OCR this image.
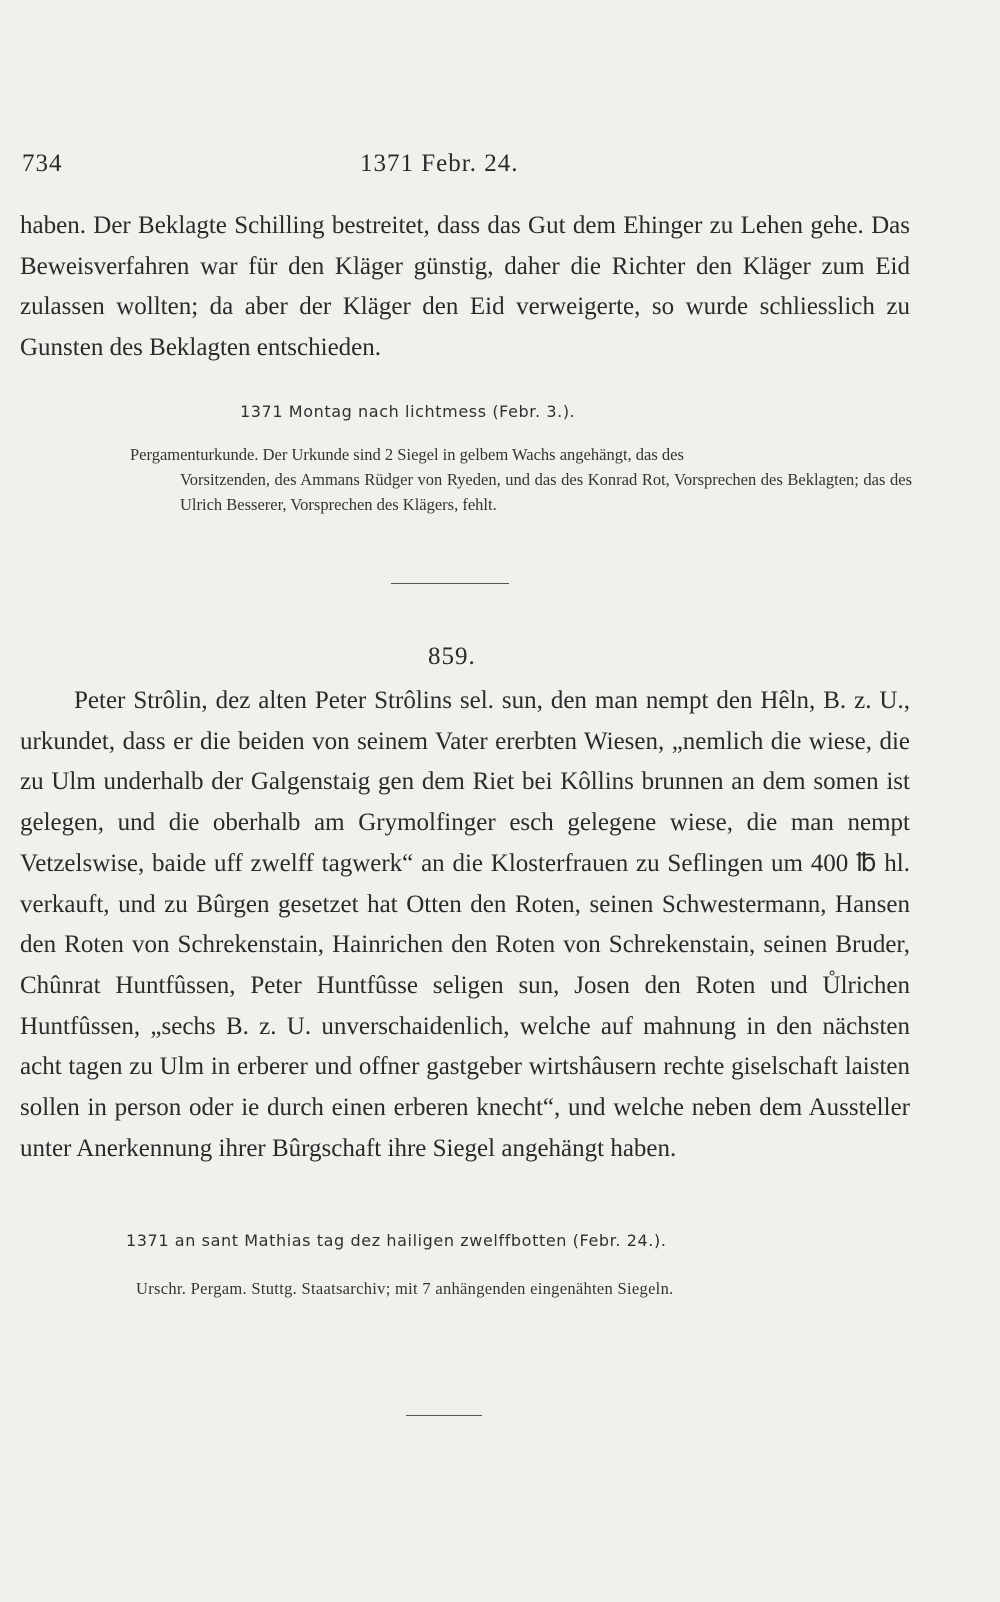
734	1371 Febr. 24.

haben. Der Beklagte Schilling bestreitet, dass das Gut dem Ehinger zu Lehen gehe. Das Beweisverfahren war für den Kläger günstig, daher die Richter den Kläger zum Eid zulassen wollten; da aber der Kläger den Eid verweigerte, so wurde schliesslich zu Gunsten des Beklagten entschieden.

1371 Montag nach lichtmess (Febr. 3.).

Pergamenturkunde. Der Urkunde sind 2 Siegel in gelbem Wachs angehängt, das des
Vorsitzenden, des Ammans Rüdger von Ryeden, und das des Konrad Rot, Vorsprechen des Beklagten; das des Ulrich Besserer, Vorsprechen des Klägers, fehlt.

859.

Peter Strôlin, dez alten Peter Strôlins sel. sun, den man nempt den Hêln, B. z. U., urkundet, dass er die beiden von seinem Vater ererbten Wiesen, „nemlich die wiese, die zu Ulm underhalb der Galgenstaig gen dem Riet bei Kôllins brunnen an dem somen ist gelegen, und die oberhalb am Grymolfinger esch gelegene wiese, die man nempt Vetzelswise, baide uff zwelff tagwerk“ an die Klosterfrauen zu Seflingen um 400 ℔ hl. verkauft, und zu Bûrgen gesetzet hat Otten den Roten, seinen Schwestermann, Hansen den Roten von Schrekenstain, Hainrichen den Roten von Schrekenstain, seinen Bruder, Chûnrat Huntfûssen, Peter Huntfûsse seligen sun, Josen den Roten und Ůlrichen Huntfûssen, „sechs B. z. U. unverschaidenlich, welche auf mahnung in den nächsten acht tagen zu Ulm in erberer und offner gastgeber wirtshâusern rechte giselschaft laisten sollen in person oder ie durch einen erberen knecht“, und welche neben dem Aussteller unter Anerkennung ihrer Bûrgschaft ihre Siegel angehängt haben.

1371 an sant Mathias tag dez hailigen zwelffbotten (Febr. 24.).

Urschr. Pergam. Stuttg. Staatsarchiv; mit 7 anhängenden eingenähten Siegeln.
